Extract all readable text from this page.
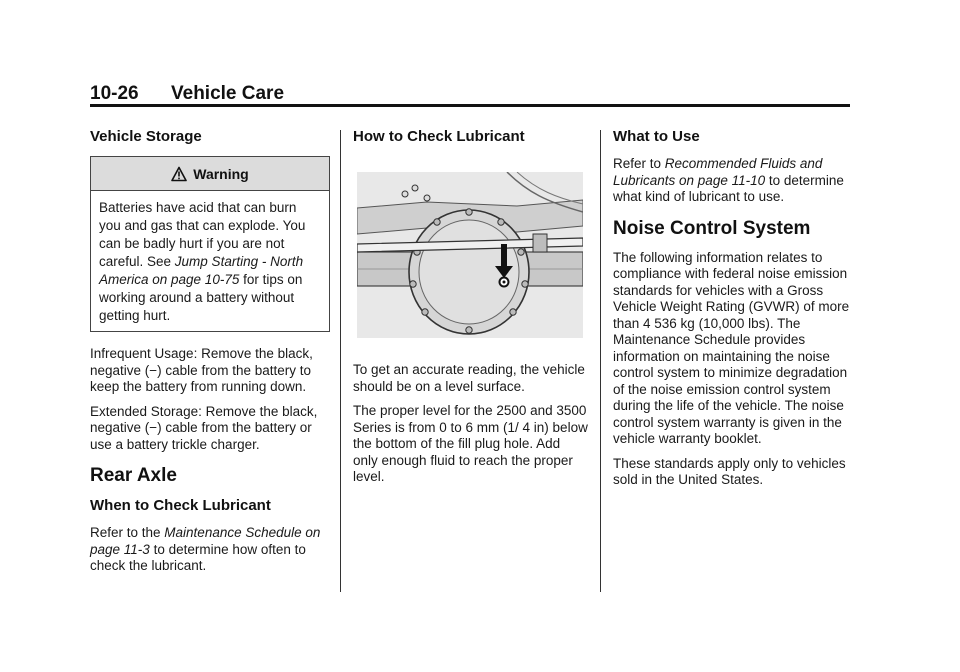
10-26 Vehicle Care
Vehicle Storage
Warning

Batteries have acid that can burn you and gas that can explode. You can be badly hurt if you are not careful. See Jump Starting - North America on page 10-75 for tips on working around a battery without getting hurt.

Infrequent Usage: Remove the black, negative (−) cable from the battery to keep the battery from running down.

Extended Storage: Remove the black, negative (−) cable from the battery or use a battery trickle charger.

Rear Axle
When to Check Lubricant

Refer to the Maintenance Schedule on page 11-3 to determine how often to check the lubricant.

How to Check Lubricant

To get an accurate reading, the vehicle should be on a level surface.

The proper level for the 2500 and 3500 Series is from 0 to 6 mm (1/ 4 in) below the bottom of the fill plug hole. Add only enough fluid to reach the proper level.

What to Use

Refer to Recommended Fluids and Lubricants on page 11-10 to determine what kind of lubricant to use.

Noise Control System

The following information relates to compliance with federal noise emission standards for vehicles with a Gross Vehicle Weight Rating (GVWR) of more than 4 536 kg (10,000 lbs). The Maintenance Schedule provides information on maintaining the noise control system to minimize degradation of the noise emission control system during the life of the vehicle. The noise control system warranty is given in the vehicle warranty booklet.

These standards apply only to vehicles sold in the United States.
